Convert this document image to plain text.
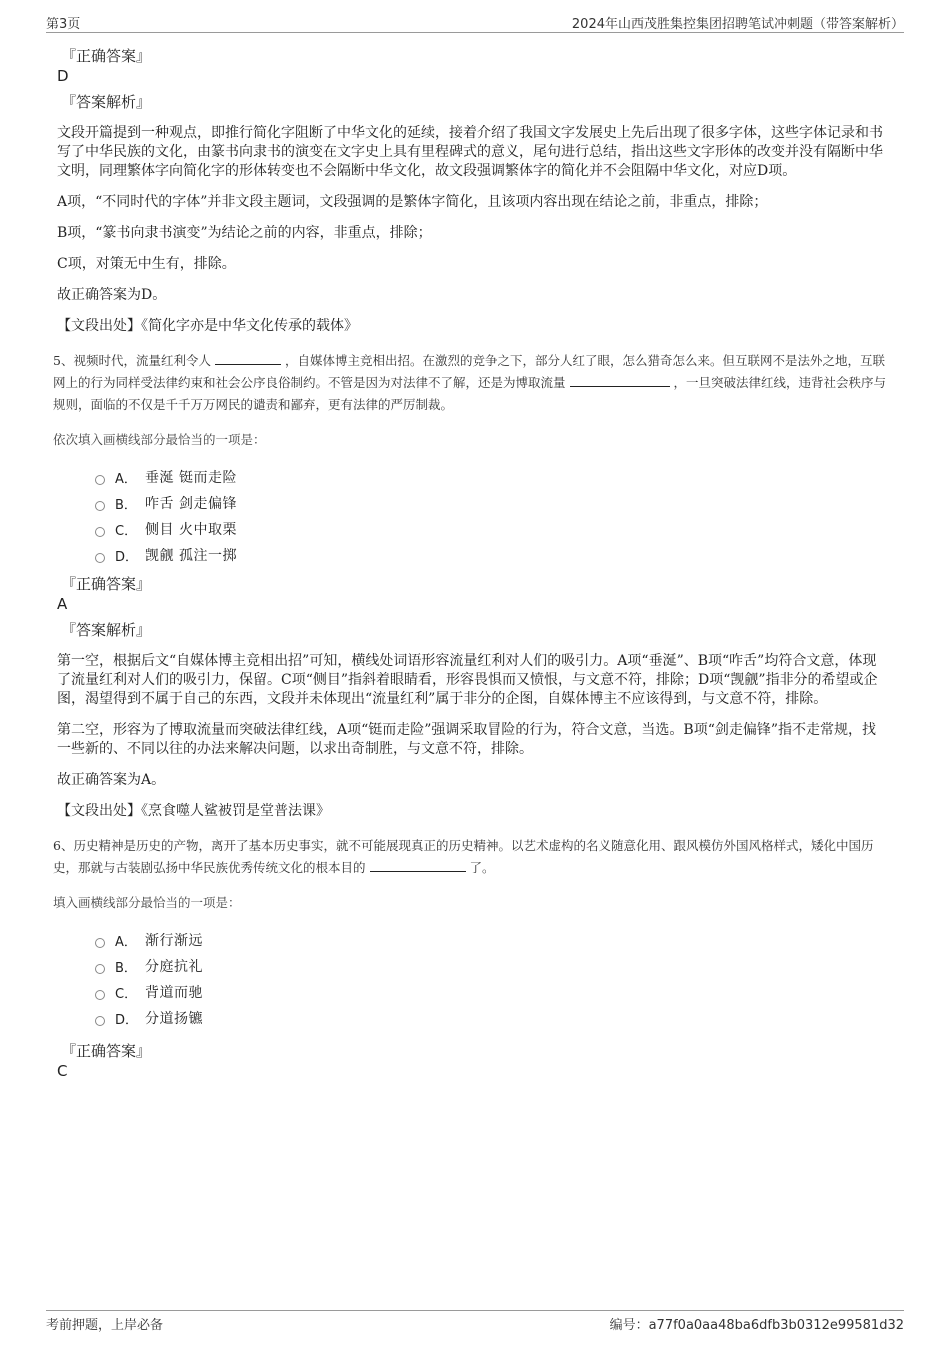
第3页	2024年山西茂胜集控集团招聘笔试冲刺题（带答案解析）
『正确答案』
D
『答案解析』

文段开篇提到一种观点，即推行简化字阻断了中华文化的延续，接着介绍了我国文字发展史上先后出现了很多字体，这些字体记录和书写了中华民族的文化，由篆书向隶书的演变在文字史上具有里程碑式的意义，尾句进行总结，指出这些文字形体的改变并没有隔断中华文明，同理繁体字向简化字的形体转变也不会隔断中华文化，故文段强调繁体字的简化并不会阻隔中华文化，对应D项。

A项，“不同时代的字体”并非文段主题词，文段强调的是繁体字简化，且该项内容出现在结论之前，非重点，排除；

B项，“篆书向隶书演变”为结论之前的内容，非重点，排除；

C项，对策无中生有，排除。

故正确答案为D。

【文段出处】《简化字亦是中华文化传承的载体》

5、视频时代，流量红利令人	，自媒体博主竞相出招。在激烈的竞争之下，部分人红了眼，怎么猎奇怎么来。但互联网不是法外之地，互联网上的行为同样受法律约束和社会公序良俗制约。不管是因为对法律不了解，还是为博取流量	，一旦突破法律红线，违背社会秩序与规则，面临的不仅是千千万万网民的谴责和鄙弃，更有法律的严厉制裁。

依次填入画横线部分最恰当的一项是：
A． 垂涎 铤而走险
B． 咋舌 剑走偏锋
C． 侧目 火中取栗
D． 觊觎 孤注一掷
『正确答案』
A
『答案解析』

第一空，根据后文“自媒体博主竞相出招”可知，横线处词语形容流量红利对人们的吸引力。A项“垂涎”、B项“咋舌”均符合文意，体现了流量红利对人们的吸引力，保留。C项“侧目”指斜着眼睛看，形容畏惧而又愤恨，与文意不符，排除；D项“觊觎”指非分的希望或企图，渴望得到不属于自己的东西，文段并未体现出“流量红利”属于非分的企图，自媒体博主不应该得到，与文意不符，排除。

第二空，形容为了博取流量而突破法律红线，A项“铤而走险”强调采取冒险的行为，符合文意，当选。B项“剑走偏锋”指不走常规，找一些新的、不同以往的办法来解决问题，以求出奇制胜，与文意不符，排除。

故正确答案为A。

【文段出处】《烹食噬人鲨被罚是堂普法课》

6、历史精神是历史的产物，离开了基本历史事实，就不可能展现真正的历史精神。以艺术虚构的名义随意化用、跟风模仿外国风格样式，矮化中国历史，那就与古装剧弘扬中华民族优秀传统文化的根本目的	了。

填入画横线部分最恰当的一项是：
A． 渐行渐远
B． 分庭抗礼
C． 背道而驰
D． 分道扬镳
『正确答案』
C
考前押题，上岸必备	编号：a77f0a0aa48ba6dfb3b0312e99581d32
